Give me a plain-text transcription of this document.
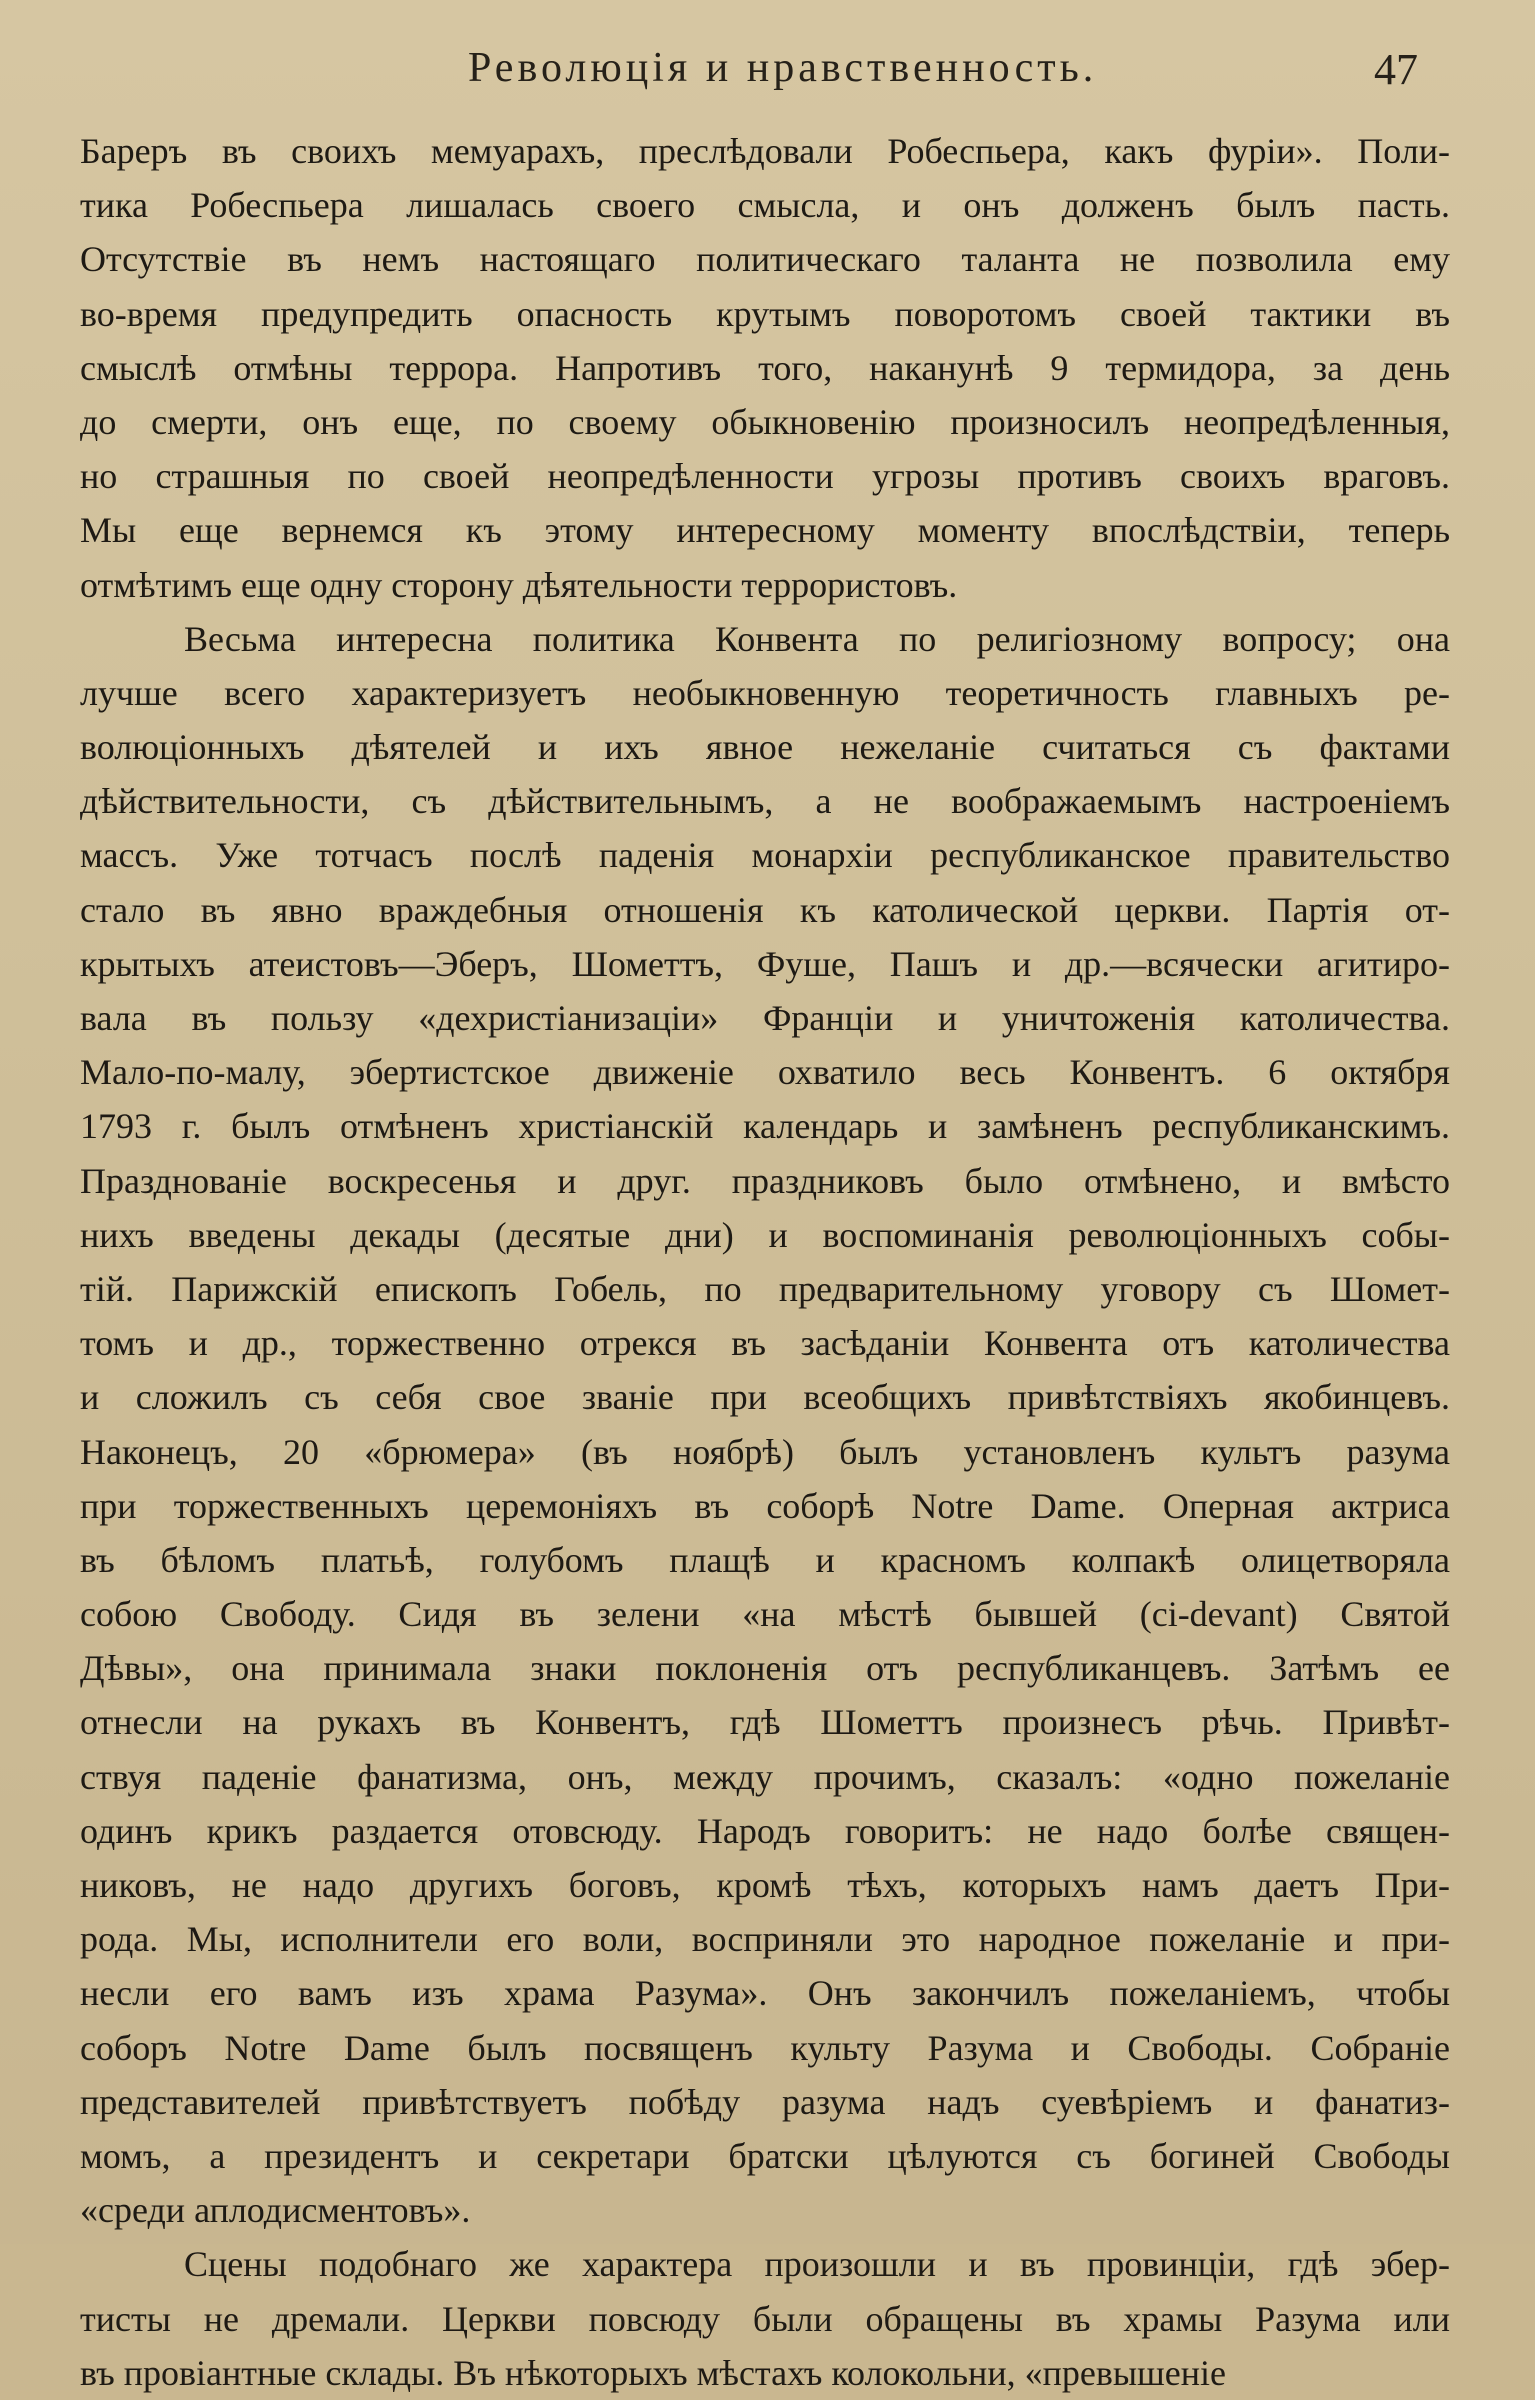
Революція и нравственность.	47
Бареръ въ своихъ мемуарахъ, преслѣдовали Робеспьера, какъ фуріи». Поли-
тика Робеспьера лишалась своего смысла, и онъ долженъ былъ пасть.
Отсутствіе въ немъ настоящаго политическаго таланта не позволила ему
во-время предупредить опасность крутымъ поворотомъ своей тактики въ
смыслѣ отмѣны террора. Напротивъ того, наканунѣ 9 термидора, за день
до смерти, онъ еще, по своему обыкновенію произносилъ неопредѣленныя,
но страшныя по своей неопредѣленности угрозы противъ своихъ враговъ.
Мы еще вернемся къ этому интересному моменту впослѣдствіи, теперь
отмѣтимъ еще одну сторону дѣятельности террористовъ.
Весьма интересна политика Конвента по религіозному вопросу; она
лучше всего характеризуетъ необыкновенную теоретичность главныхъ ре-
волюціонныхъ дѣятелей и ихъ явное нежеланіе считаться съ фактами
дѣйствительности, съ дѣйствительнымъ, а не воображаемымъ настроеніемъ
массъ. Уже тотчасъ послѣ паденія монархіи республиканское правительство
стало въ явно враждебныя отношенія къ католической церкви. Партія от-
крытыхъ атеистовъ—Эберъ, Шометтъ, Фуше, Пашъ и др.—всячески агитиро-
вала въ пользу «дехристіанизаціи» Франціи и уничтоженія католичества.
Мало-по-малу, эбертистское движеніе охватило весь Конвентъ. 6 октября
1793 г. былъ отмѣненъ христіанскій календарь и замѣненъ республиканскимъ.
Празднованіе воскресенья и друг. праздниковъ было отмѣнено, и вмѣсто
нихъ введены декады (десятые дни) и воспоминанія революціонныхъ собы-
тій. Парижскій епископъ Гобель, по предварительному уговору съ Шомет-
томъ и др., торжественно отрекся въ засѣданіи Конвента отъ католичества
и сложилъ съ себя свое званіе при всеобщихъ привѣтствіяхъ якобинцевъ.
Наконецъ, 20 «брюмера» (въ ноябрѣ) былъ установленъ культъ разума
при торжественныхъ церемоніяхъ въ соборѣ Notre Dame. Оперная актриса
въ бѣломъ платьѣ, голубомъ плащѣ и красномъ колпакѣ олицетворяла
собою Свободу. Сидя въ зелени «на мѣстѣ бывшей (ci-devant) Святой
Дѣвы», она принимала знаки поклоненія отъ республиканцевъ. Затѣмъ ее
отнесли на рукахъ въ Конвентъ, гдѣ Шометтъ произнесъ рѣчь. Привѣт-
ствуя паденіе фанатизма, онъ, между прочимъ, сказалъ: «одно пожеланіе
одинъ крикъ раздается отовсюду. Народъ говоритъ: не надо болѣе священ-
никовъ, не надо другихъ боговъ, кромѣ тѣхъ, которыхъ намъ даетъ При-
рода. Мы, исполнители его воли, восприняли это народное пожеланіе и при-
несли его вамъ изъ храма Разума». Онъ закончилъ пожеланіемъ, чтобы
соборъ Notre Dame былъ посвященъ культу Разума и Свободы. Собраніе
представителей привѣтствуетъ побѣду разума надъ суевѣріемъ и фанатиз-
момъ, а президентъ и секретари братски цѣлуются съ богиней Свободы
«среди аплодисментовъ».
Сцены подобнаго же характера произошли и въ провинціи, гдѣ эбер-
тисты не дремали. Церкви повсюду были обращены въ храмы Разума или
въ провіантные склады. Въ нѣкоторыхъ мѣстахъ колокольни, «превышеніе
